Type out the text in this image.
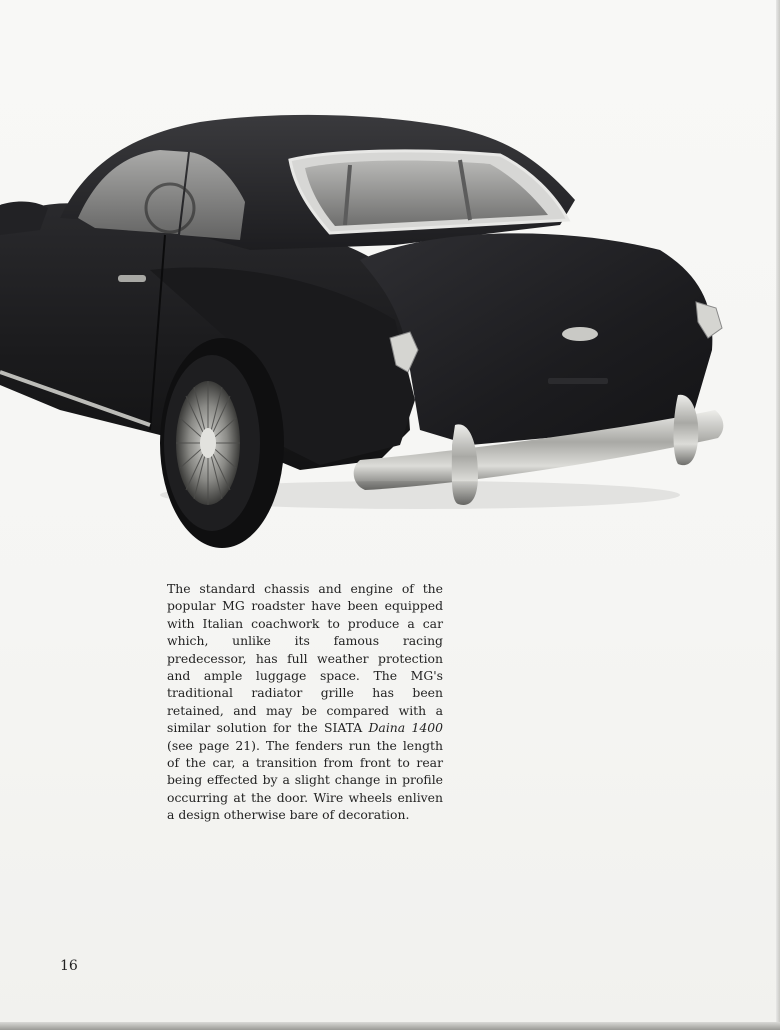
The standard chassis and engine of the popular MG roadster have been equipped with Italian coachwork to produce a car which, unlike its famous racing predecessor, has full weather protection and ample luggage space. The MG's traditional radiator grille has been retained, and may be compared with a similar solution for the SIATA Daina 1400 (see page 21). The fenders run the length of the car, a transition from front to rear being effected by a slight change in profile occurring at the door. Wire wheels enliven a design otherwise bare of decoration.

16
